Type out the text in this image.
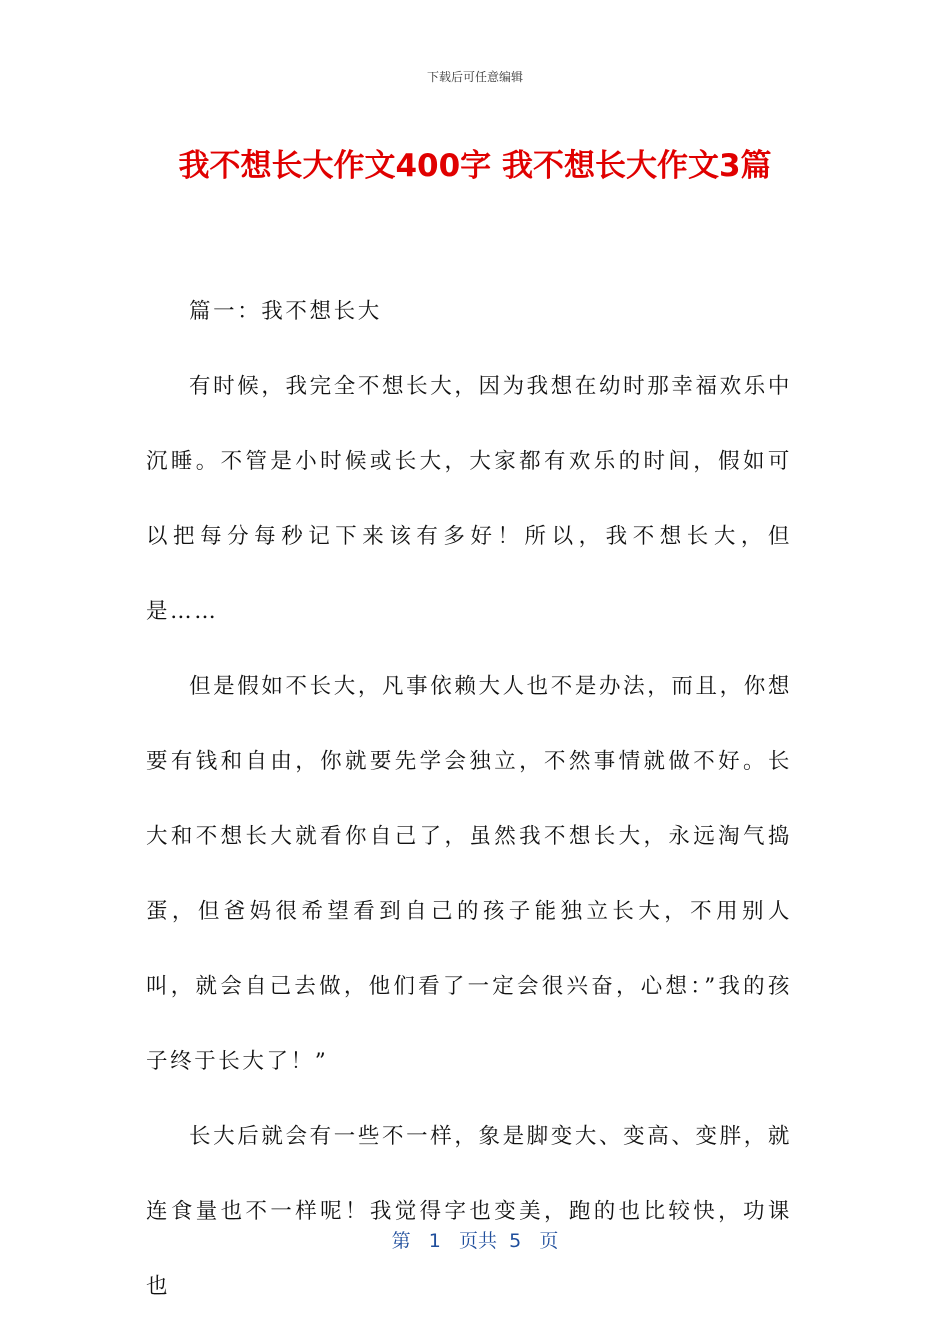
下载后可任意编辑
我不想长大作文400字 我不想长大作文3篇

篇一：我不想长大

有时候，我完全不想长大，因为我想在幼时那幸福欢乐中沉睡。不管是小时候或长大，大家都有欢乐的时间，假如可以把每分每秒记下来该有多好！所以，我不想长大，但是……

但是假如不长大，凡事依赖大人也不是办法，而且，你想要有钱和自由，你就要先学会独立，不然事情就做不好。长大和不想长大就看你自己了，虽然我不想长大，永远淘气捣蛋，但爸妈很希望看到自己的孩子能独立长大，不用别人叫，就会自己去做，他们看了一定会很兴奋，心想：”我的孩子终于长大了！”

长大后就会有一些不一样，象是脚变大、变高、变胖，就连食量也不一样呢！我觉得字也变美，跑的也比较快，功课也

第 1 页共 5 页
